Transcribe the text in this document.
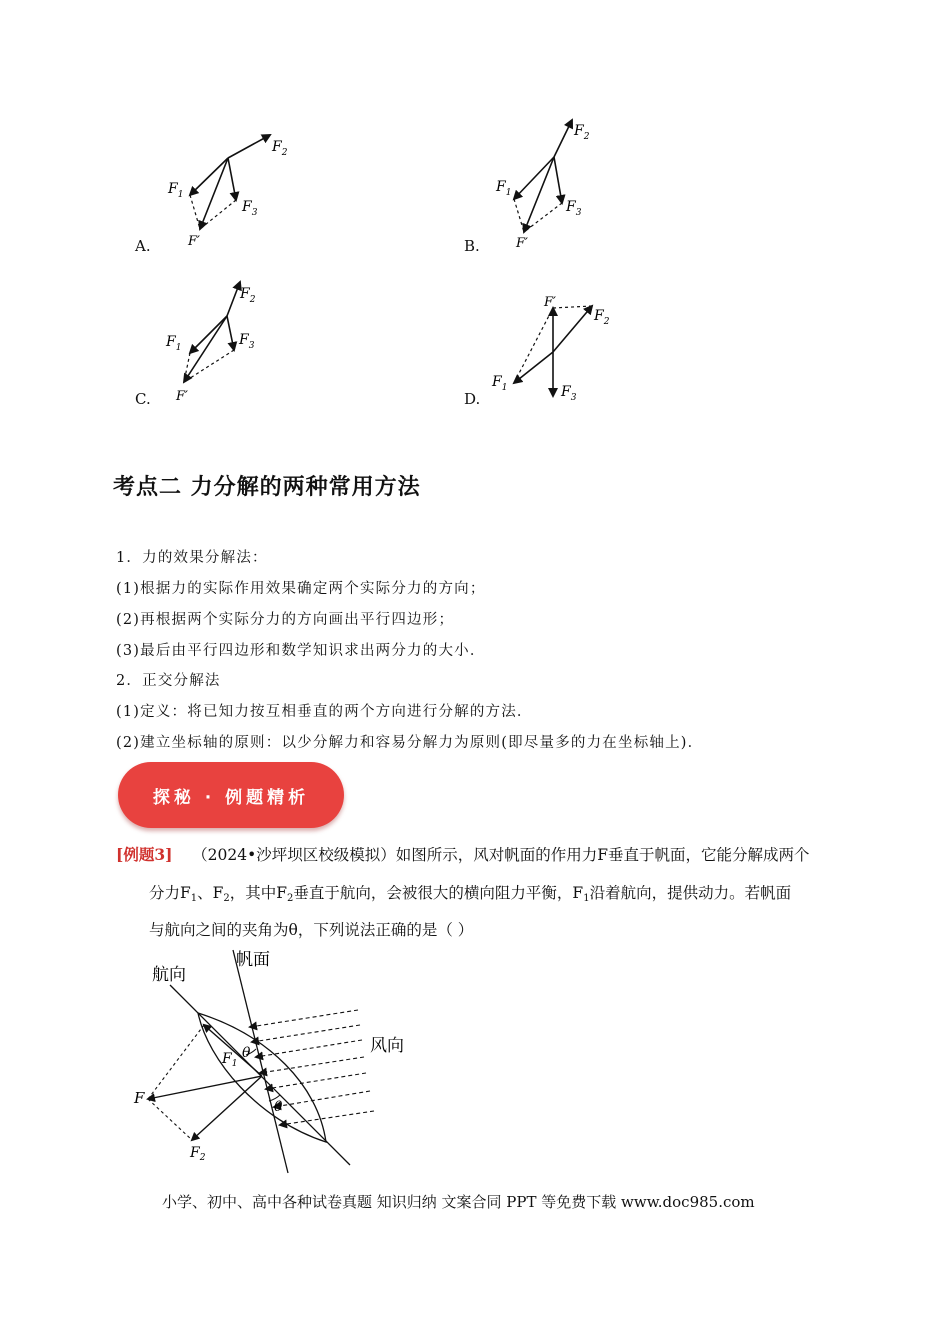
A.
$F_2$
$F_1$
$F_3$
F′	B.
$F_2$
$F_1$
$F_3$
F′
C.
$F_2$
$F_1$	$F_3$
F′	D.
$F_2$
$F_1$	$F_3$
F′
考点二 力分解的两种常用方法
1．力的效果分解法：
(1)根据力的实际作用效果确定两个实际分力的方向；
(2)再根据两个实际分力的方向画出平行四边形；
(3)最后由平行四边形和数学知识求出两分力的大小．
2．正交分解法
(1)定义：将已知力按互相垂直的两个方向进行分解的方法．
(2)建立坐标轴的原则：以少分解力和容易分解力为原则(即尽量多的力在坐标轴上)．
探秘 · 例题精析
[例题3] （2024•沙坪坝区校级模拟）如图所示，风对帆面的作用力F垂直于帆面，它能分解成两个
分力$F_1$、$F_2$，其中$F_2$垂直于航向，会被很大的横向阻力平衡，$F_1$沿着航向，提供动力。若帆面
与航向之间的夹角为θ，下列说法正确的是（ ）
航向
帆面
风向
θ
θ
F
$F_1$
$F_2$
小学、初中、高中各种试卷真题 知识归纳 文案合同 PPT 等免费下载 www.doc985.com
